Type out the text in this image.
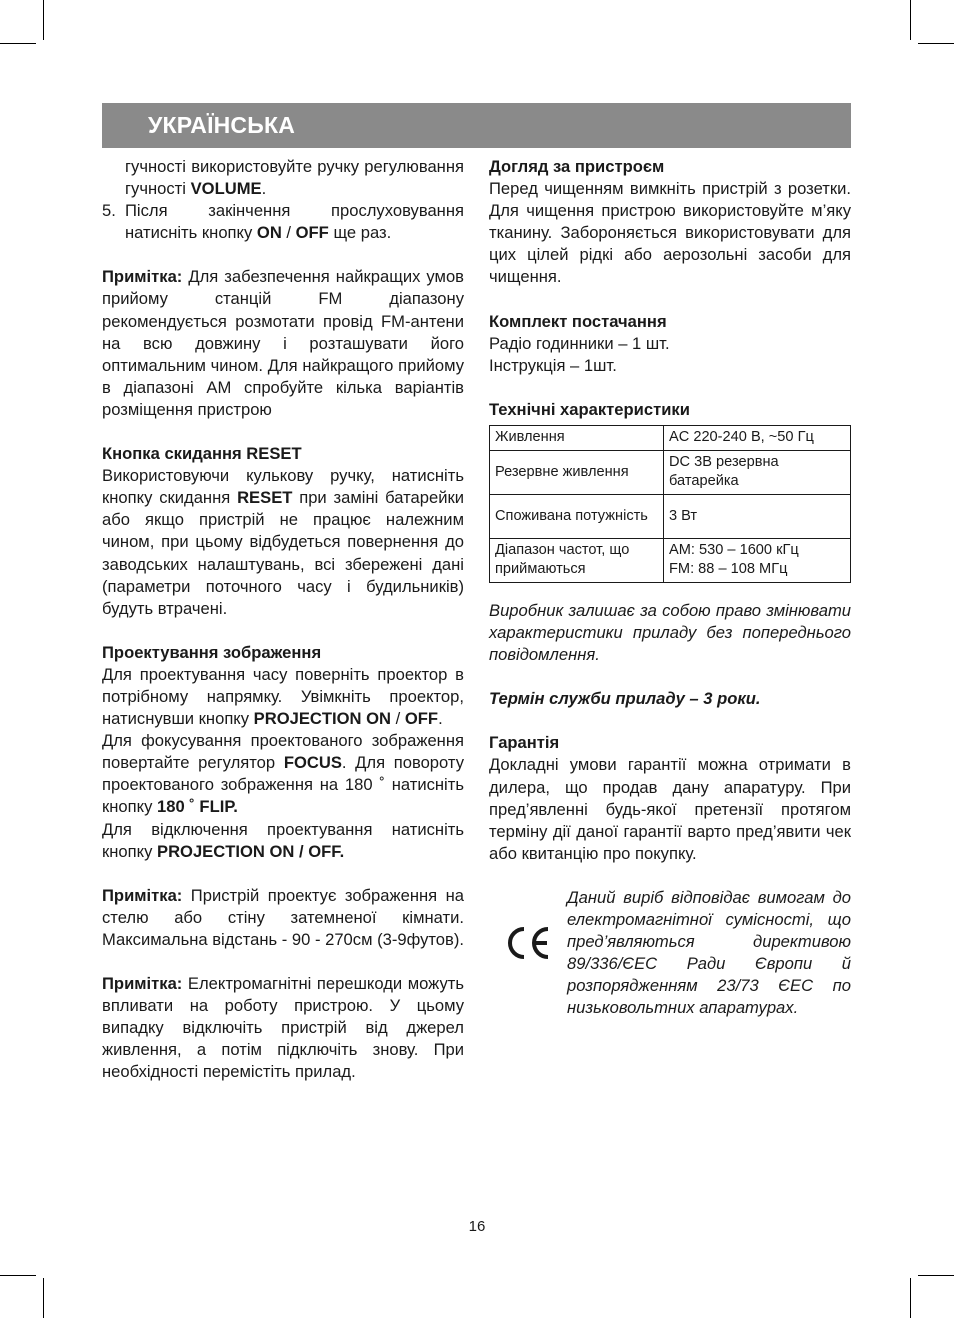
УКРАЇНСЬКА

гучності використовуйте ручку регулювання гучності VOLUME.

5. Після закінчення прослуховування натисніть кнопку ON / OFF ще раз.

Примітка: Для забезпечення найкращих умов прийому станцій FM діапазону рекомендується розмотати провід FM-антени на всю довжину і розташувати його оптимальним чином. Для найкращого прийому в діапазоні AM спробуйте кілька варіантів розміщення пристрою

Кнопка скидання RESET

Використовуючи кулькову ручку, натисніть кнопку скидання RESET при заміні батарейки або якщо пристрій не працює належним чином, при цьому відбудеться повернення до заводських налаштувань, всі збережені дані (параметри поточного часу і будильників) будуть втрачені.

Проектування зображення

Для проектування часу поверніть проектор в потрібному напрямку. Увімкніть проектор, натиснувши кнопку PROJECTION ON / OFF.

Для фокусування проектованого зображення повертайте регулятор FOCUS. Для повороту проектованого зображення на 180 ˚ натисніть кнопку 180 ˚ FLIP.

Для відключення проектування натисніть кнопку PROJECTION ON / OFF.

Примітка: Пристрій проектує зображення на стелю або стіну затемненої кімнати. Максимальна відстань - 90 - 270см (3-9футов).

Примітка: Електромагнітні перешкоди можуть впливати на роботу пристрою. У цьому випадку відключіть пристрій від джерел живлення, а потім підключіть знову. При необхідності перемістіть прилад.

Догляд за пристроєм

Перед чищенням вимкніть пристрій з розетки. Для чищення пристрою використовуйте м’яку тканину. Забороняється використовувати для цих цілей рідкі або аерозольні засоби для чищення.

Комплект постачання
Радіо годинники – 1 шт.
Інструкція – 1шт.
Технічні характеристики
Живлення	AC 220-240 В, ~50 Гц
Резервне живлення	DC 3В резервна батарейка
Споживана потужність	3 Вт
Діапазон частот, що приймаються	AM: 530 – 1600 кГц
FM: 88 – 108 МГц

Виробник залишає за собою право змінювати характеристики приладу без попереднього повідомлення.

Термін служби приладу – 3 роки.
Гарантія

Докладні умови гарантії можна отримати в дилера, що продав дану апаратуру. При пред’явленні будь-якої претензії протягом терміну дії даної гарантії варто пред’явити чек або квитанцію про покупку.

Даний виріб відповідає вимогам до електромагнітної сумісності, що пред’являються директивою 89/336/ЄЕС Ради Європи й розпорядженням 23/73 ЄЕС по низьковольтних апаратурах.

16
